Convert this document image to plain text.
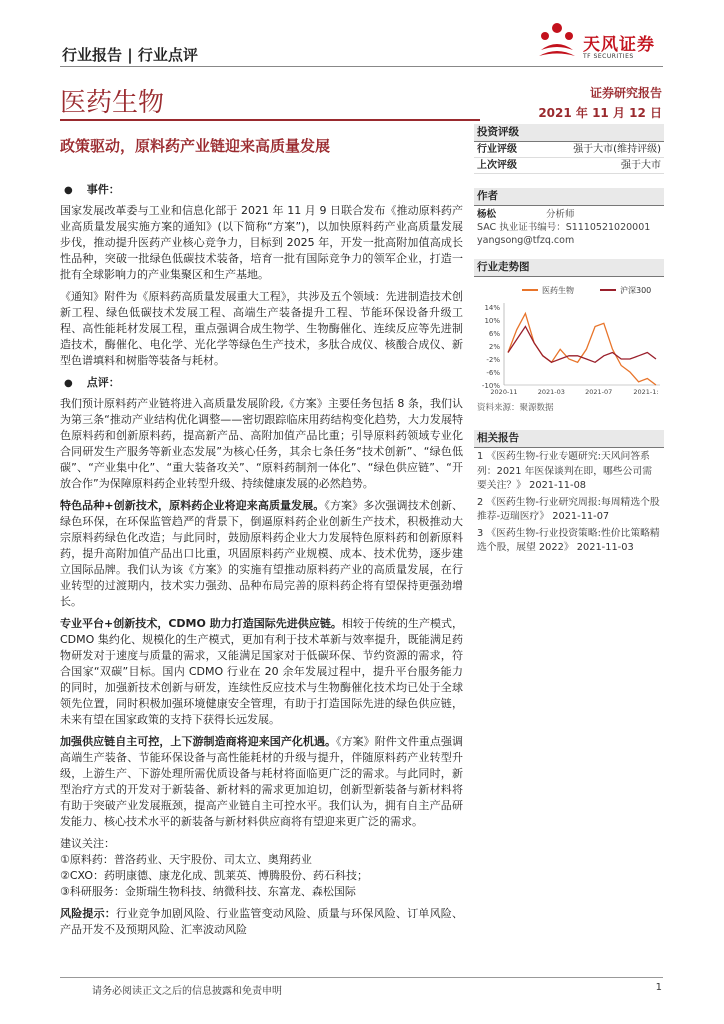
行业报告 | 行业点评	天风证券
TF SECURITIES
医药生物	证券研究报告
2021 年 11 月 12 日
政策驱动，原料药产业链迎来高质量发展

● 事件：

国家发展改革委与工业和信息化部于 2021 年 11 月 9 日联合发布《推动原料药产业高质量发展实施方案的通知》(以下简称“方案”)，以加快原料药产业高质量发展步伐，推动提升医药产业核心竞争力，目标到 2025 年，开发一批高附加值高成长性品种，突破一批绿色低碳技术装备，培育一批有国际竞争力的领军企业，打造一批有全球影响力的产业集聚区和生产基地。

《通知》附件为《原料药高质量发展重大工程》，共涉及五个领域：先进制造技术创新工程、绿色低碳技术发展工程、高端生产装备提升工程、节能环保设备升级工程、高性能耗材发展工程，重点强调合成生物学、生物酶催化、连续反应等先进制造技术，酶催化、电化学、光化学等绿色生产技术，多肽合成仪、核酸合成仪、新型色谱填料和树脂等装备与耗材。

● 点评：

我们预计原料药产业链将进入高质量发展阶段,《方案》主要任务包括 8 条，我们认为第三条“推动产业结构优化调整——密切跟踪临床用药结构变化趋势，大力发展特色原料药和创新原料药，提高新产品、高附加值产品比重；引导原料药领域专业化合同研发生产服务等新业态发展”为核心任务，其余七条任务“技术创新”、“绿色低碳”、“产业集中化”、“重大装备攻关”、“原料药制剂一体化”、“绿色供应链”、“开放合作”为保障原料药企业转型升级、持续健康发展的必然趋势。

特色品种+创新技术，原料药企业将迎来高质量发展。《方案》多次强调技术创新、绿色环保，在环保监管趋严的背景下，倒逼原料药企业创新生产技术，积极推动大宗原料药绿色化改造；与此同时，鼓励原料药企业大力发展特色原料药和创新原料药，提升高附加值产品出口比重，巩固原料药产业规模、成本、技术优势，逐步建立国际品牌。我们认为该《方案》的实施有望推动原料药产业的高质量发展，在行业转型的过渡期内，技术实力强劲、品种布局完善的原料药企将有望保持更强劲增长。

专业平台+创新技术，CDMO 助力打造国际先进供应链。相较于传统的生产模式，CDMO 集约化、规模化的生产模式，更加有利于技术革新与效率提升，既能满足药物研发对于速度与质量的需求，又能满足国家对于低碳环保、节约资源的需求，符合国家“双碳”目标。国内 CDMO 行业在 20 余年发展过程中，提升平台服务能力的同时，加强新技术创新与研发，连续性反应技术与生物酶催化技术均已处于全球领先位置，同时积极加强环境健康安全管理，有助于打造国际先进的绿色供应链，未来有望在国家政策的支持下获得长远发展。

加强供应链自主可控，上下游制造商将迎来国产化机遇。《方案》附件文件重点强调高端生产装备、节能环保设备与高性能耗材的升级与提升，伴随原料药产业转型升级，上游生产、下游处理所需优质设备与耗材将面临更广泛的需求。与此同时，新型治疗方式的开发对于新装备、新材料的需求更加迫切，创新型新装备与新材料将有助于突破产业发展瓶颈，提高产业链自主可控水平。我们认为，拥有自主产品研发能力、核心技术水平的新装备与新材料供应商将有望迎来更广泛的需求。

建议关注：

①原料药：普洛药业、天宇股份、司太立、奥翔药业

②CXO：药明康德、康龙化成、凯莱英、博腾股份、药石科技；

③科研服务：金斯瑞生物科技、纳微科技、东富龙、森松国际

风险提示：行业竞争加剧风险、行业监管变动风险、质量与环保风险、订单风险、产品开发不及预期风险、汇率波动风险

投资评级
行业评级	强于大市(维持评级)
上次评级	强于大市
作者
杨松	分析师
SAC 执业证书编号：S1110521020001
yangsong@tfzq.com
行业走势图
医药生物	沪深300
14%
10%
6%
2%
-2%
-6%
-10%
2020-11	2021-03	2021-07	2021-1:
资料来源：聚源数据
相关报告
1 《医药生物-行业专题研究:天风问答系列：2021 年医保谈判在即，哪些公司需要关注？》 2021-11-08
2 《医药生物-行业研究周报:每周精选个股推荐-迈瑞医疗》 2021-11-07
3 《医药生物-行业投资策略:性价比策略精选个股，展望 2022》 2021-11-03
请务必阅读正文之后的信息披露和免责申明	1
